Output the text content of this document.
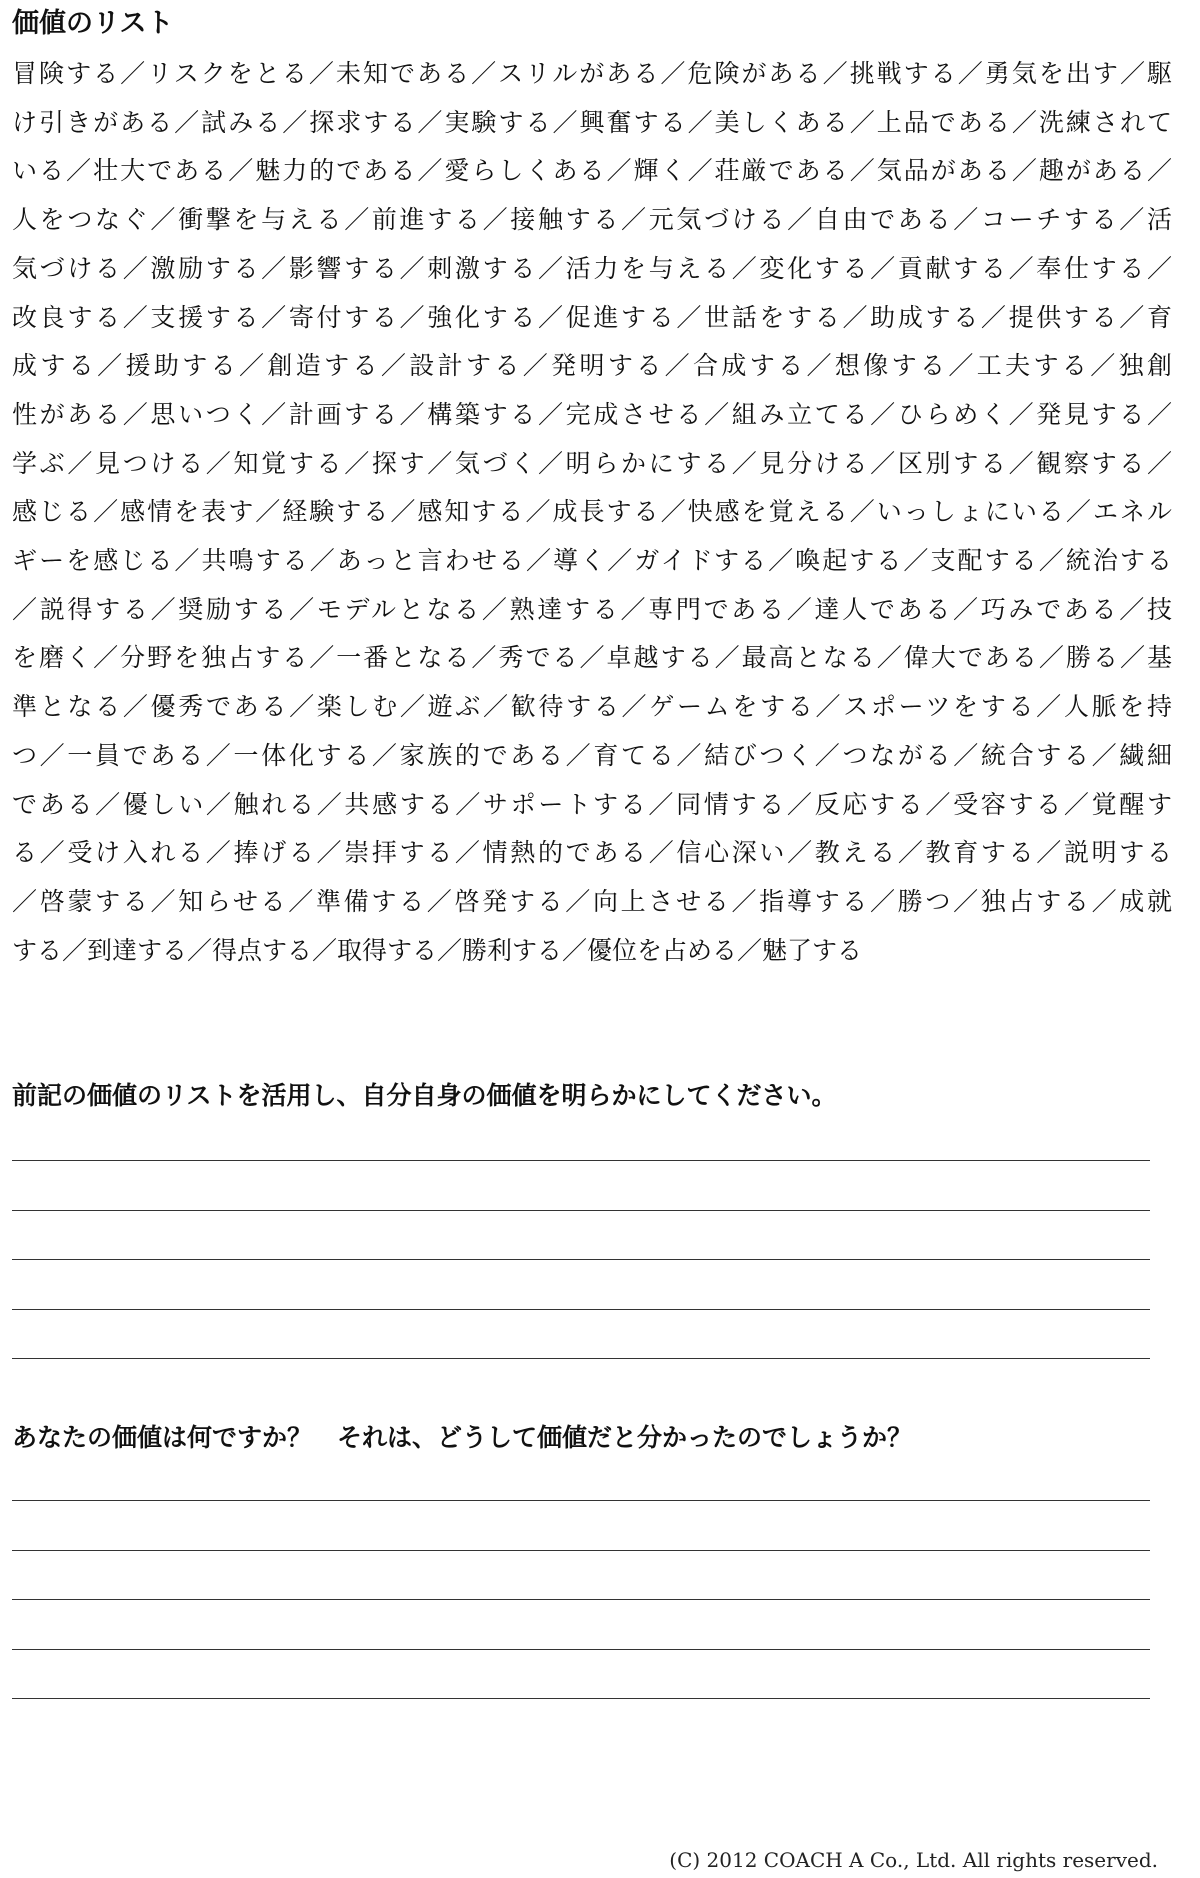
価値のリスト
冒険する／リスクをとる／未知である／スリルがある／危険がある／挑戦する／勇気を出す／駆
け引きがある／試みる／探求する／実験する／興奮する／美しくある／上品である／洗練されて
いる／壮大である／魅力的である／愛らしくある／輝く／荘厳である／気品がある／趣がある／
人をつなぐ／衝撃を与える／前進する／接触する／元気づける／自由である／コーチする／活
気づける／激励する／影響する／刺激する／活力を与える／変化する／貢献する／奉仕する／
改良する／支援する／寄付する／強化する／促進する／世話をする／助成する／提供する／育
成する／援助する／創造する／設計する／発明する／合成する／想像する／工夫する／独創
性がある／思いつく／計画する／構築する／完成させる／組み立てる／ひらめく／発見する／
学ぶ／見つける／知覚する／探す／気づく／明らかにする／見分ける／区別する／観察する／
感じる／感情を表す／経験する／感知する／成長する／快感を覚える／いっしょにいる／エネル
ギーを感じる／共鳴する／あっと言わせる／導く／ガイドする／喚起する／支配する／統治する
／説得する／奨励する／モデルとなる／熟達する／専門である／達人である／巧みである／技
を磨く／分野を独占する／一番となる／秀でる／卓越する／最高となる／偉大である／勝る／基
準となる／優秀である／楽しむ／遊ぶ／歓待する／ゲームをする／スポーツをする／人脈を持
つ／一員である／一体化する／家族的である／育てる／結びつく／つながる／統合する／繊細
である／優しい／触れる／共感する／サポートする／同情する／反応する／受容する／覚醒す
る／受け入れる／捧げる／崇拝する／情熱的である／信心深い／教える／教育する／説明する
／啓蒙する／知らせる／準備する／啓発する／向上させる／指導する／勝つ／独占する／成就
する／到達する／得点する／取得する／勝利する／優位を占める／魅了する

前記の価値のリストを活用し、自分自身の価値を明らかにしてください。

あなたの価値は何ですか？　それは、どうして価値だと分かったのでしょうか？

(C) 2012 COACH A Co., Ltd. All rights reserved.
